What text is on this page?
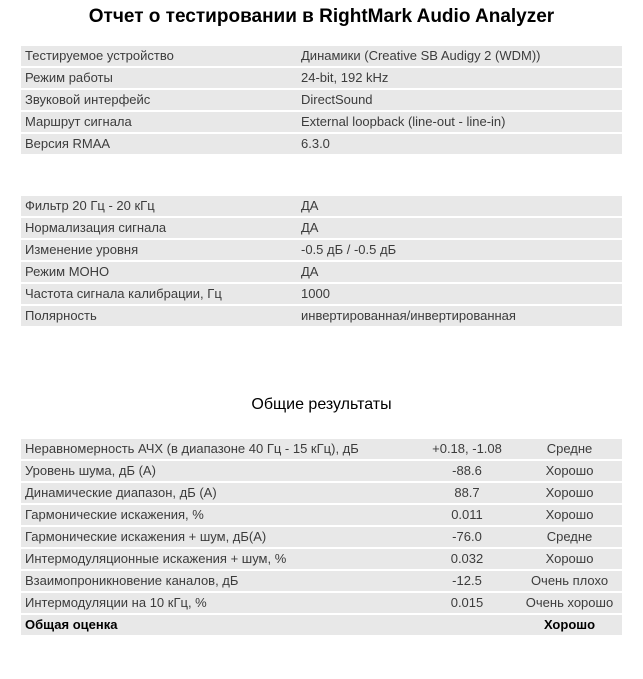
Отчет о тестировании в RightMark Audio Analyzer
Тестируемое устройство	Динамики (Creative SB Audigy 2 (WDM))
Режим работы	24-bit, 192 kHz
Звуковой интерфейс	DirectSound
Маршрут сигнала	External loopback (line-out - line-in)
Версия RMAA	6.3.0
Фильтр 20 Гц - 20 кГц	ДА
Нормализация сигнала	ДА
Изменение уровня	-0.5 дБ / -0.5 дБ
Режим МОНО	ДА
Частота сигнала калибрации, Гц	1000
Полярность	инвертированная/инвертированная
Общие результаты
Неравномерность АЧХ (в диапазоне 40 Гц - 15 кГц), дБ	+0.18, -1.08	Средне
Уровень шума, дБ (А)	-88.6	Хорошо
Динамические диапазон, дБ (А)	88.7	Хорошо
Гармонические искажения, %	0.011	Хорошо
Гармонические искажения + шум, дБ(А)	-76.0	Средне
Интермодуляционные искажения + шум, %	0.032	Хорошо
Взаимопроникновение каналов, дБ	-12.5	Очень плохо
Интермодуляции на 10 кГц, %	0.015	Очень хорошо
Общая оценка		Хорошо
